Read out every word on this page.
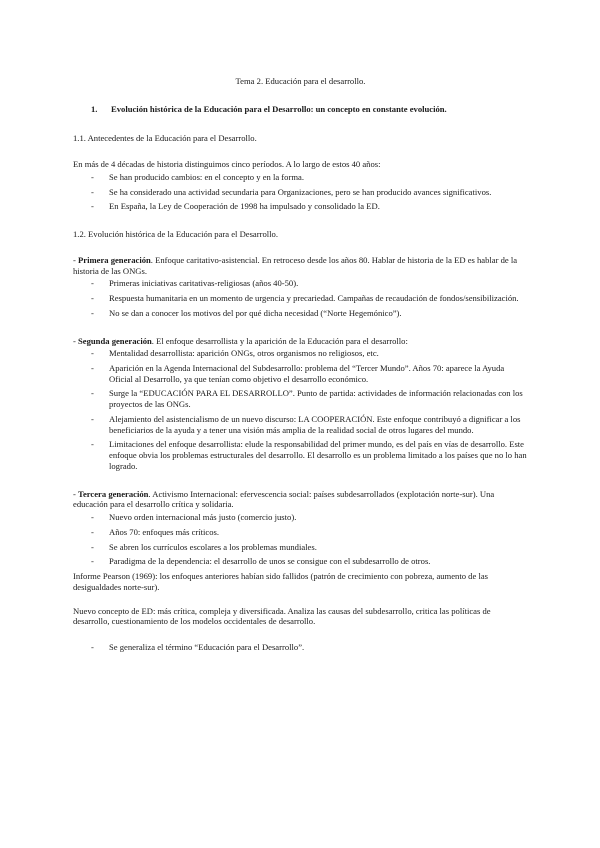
Tema 2. Educación para el desarrollo.
1.	Evolución histórica de la Educación para el Desarrollo: un concepto en constante evolución.
1.1. Antecedentes de la Educación para el Desarrollo.
En más de 4 décadas de historia distinguimos cinco períodos. A lo largo de estos 40 años:
- Se han producido cambios: en el concepto y en la forma.
- Se ha considerado una actividad secundaria para Organizaciones, pero se han producido avances significativos.
- En España, la Ley de Cooperación de 1998 ha impulsado y consolidado la ED.
1.2. Evolución histórica de la Educación para el Desarrollo.
- Primera generación. Enfoque caritativo-asistencial. En retroceso desde los años 80. Hablar de historia de la ED es hablar de la historia de las ONGs.
- Primeras iniciativas caritativas-religiosas (años 40-50).
- Respuesta humanitaria en un momento de urgencia y precariedad. Campañas de recaudación de fondos/sensibilización.
- No se dan a conocer los motivos del por qué dicha necesidad (“Norte Hegemónico”).
- Segunda generación. El enfoque desarrollista y la aparición de la Educación para el desarrollo:
- Mentalidad desarrollista: aparición ONGs, otros organismos no religiosos, etc.
- Aparición en la Agenda Internacional del Subdesarrollo: problema del “Tercer Mundo”. Años 70: aparece la Ayuda Oficial al Desarrollo, ya que tenían como objetivo el desarrollo económico.
- Surge la “EDUCACIÓN PARA EL DESARROLLO”. Punto de partida: actividades de información relacionadas con los proyectos de las ONGs.
- Alejamiento del asistencialismo de un nuevo discurso: LA COOPERACIÓN. Este enfoque contribuyó a dignificar a los beneficiarios de la ayuda y a tener una visión más amplia de la realidad social de otros lugares del mundo.
- Limitaciones del enfoque desarrollista: elude la responsabilidad del primer mundo, es del país en vías de desarrollo. Este enfoque obvia los problemas estructurales del desarrollo. El desarrollo es un problema limitado a los países que no lo han logrado.
- Tercera generación. Activismo Internacional: efervescencia social: países subdesarrollados (explotación norte-sur). Una educación para el desarrollo crítica y solidaria.
- Nuevo orden internacional más justo (comercio justo).
- Años 70: enfoques más críticos.
- Se abren los currículos escolares a los problemas mundiales.
- Paradigma de la dependencia: el desarrollo de unos se consigue con el subdesarrollo de otros.
Informe Pearson (1969): los enfoques anteriores habían sido fallidos (patrón de crecimiento con pobreza, aumento de las desigualdades norte-sur).
Nuevo concepto de ED: más crítica, compleja y diversificada. Analiza las causas del subdesarrollo, critica las políticas de desarrollo, cuestionamiento de los modelos occidentales de desarrollo.
- Se generaliza el término “Educación para el Desarrollo”.
